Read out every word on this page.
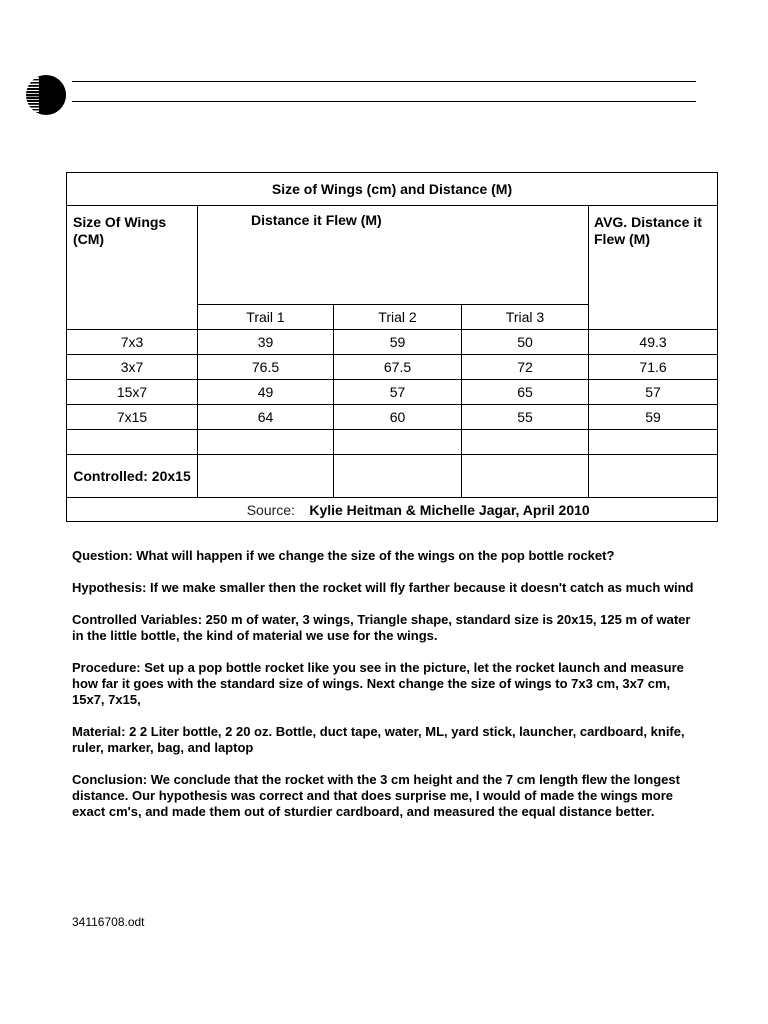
Size of Wings (cm) and Distance (M)				

Size Of Wings (CM)	Distance it Flew (M)			AVG. Distance it Flew (M)

	Trail 1	Trial 2	Trial 3	
7x3	39	59	50	49.3
3x7	76.5	67.5	72	71.6
15x7	49	57	65	57
7x15	64	60	55	59

Controlled: 20x15				
Source: Kylie Heitman & Michelle Jagar, April 2010				

Question: What will happen if we change the size of the wings on the pop bottle rocket?

Hypothesis: If we make smaller then the rocket will fly farther because it doesn't catch as much wind

Controlled Variables: 250 m of water, 3 wings, Triangle shape, standard size is 20x15, 125 m of water in the little bottle, the kind of material we use for the wings.

Procedure: Set up a pop bottle rocket like you see in the picture, let the rocket launch and measure how far it goes with the standard size of wings. Next change the size of wings to 7x3 cm, 3x7 cm, 15x7, 7x15,

Material: 2 2 Liter bottle, 2 20 oz. Bottle, duct tape, water, ML, yard stick, launcher, cardboard, knife, ruler, marker, bag, and laptop

Conclusion: We conclude that the rocket with the 3 cm height and the 7 cm length flew the longest distance. Our hypothesis was correct and that does surprise me, I would of made the wings more exact cm's, and made them out of sturdier cardboard, and measured the equal distance better.

34116708.odt
